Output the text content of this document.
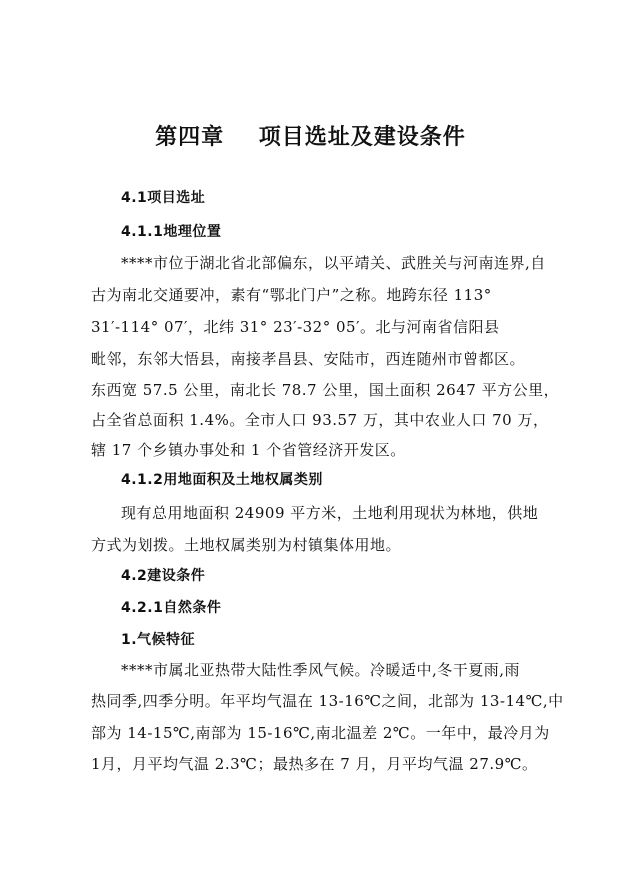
第四章    项目选址及建设条件
4.1项目选址
4.1.1地理位置
****市位于湖北省北部偏东，以平靖关、武胜关与河南连界,自
古为南北交通要冲，素有“鄂北门户”之称。地跨东径 113°
31′-114° 07′，北纬 31° 23′-32° 05′。北与河南省信阳县
毗邻，东邻大悟县，南接孝昌县、安陆市，西连随州市曾都区。
东西宽 57.5 公里，南北长 78.7 公里，国土面积 2647 平方公里，
占全省总面积 1.4%。全市人口 93.57 万，其中农业人口 70 万，
辖 17 个乡镇办事处和 1 个省管经济开发区。
4.1.2用地面积及土地权属类别
现有总用地面积 24909 平方米，土地利用现状为林地，供地
方式为划拨。土地权属类别为村镇集体用地。
4.2建设条件
4.2.1自然条件
1.气候特征
****市属北亚热带大陆性季风气候。冷暖适中,冬干夏雨,雨
热同季,四季分明。年平均气温在 13-16℃之间，北部为 13-14℃,中
部为 14-15℃,南部为 15-16℃,南北温差 2℃。一年中，最冷月为
1月，月平均气温 2.3℃；最热多在 7 月，月平均气温 27.9℃。
